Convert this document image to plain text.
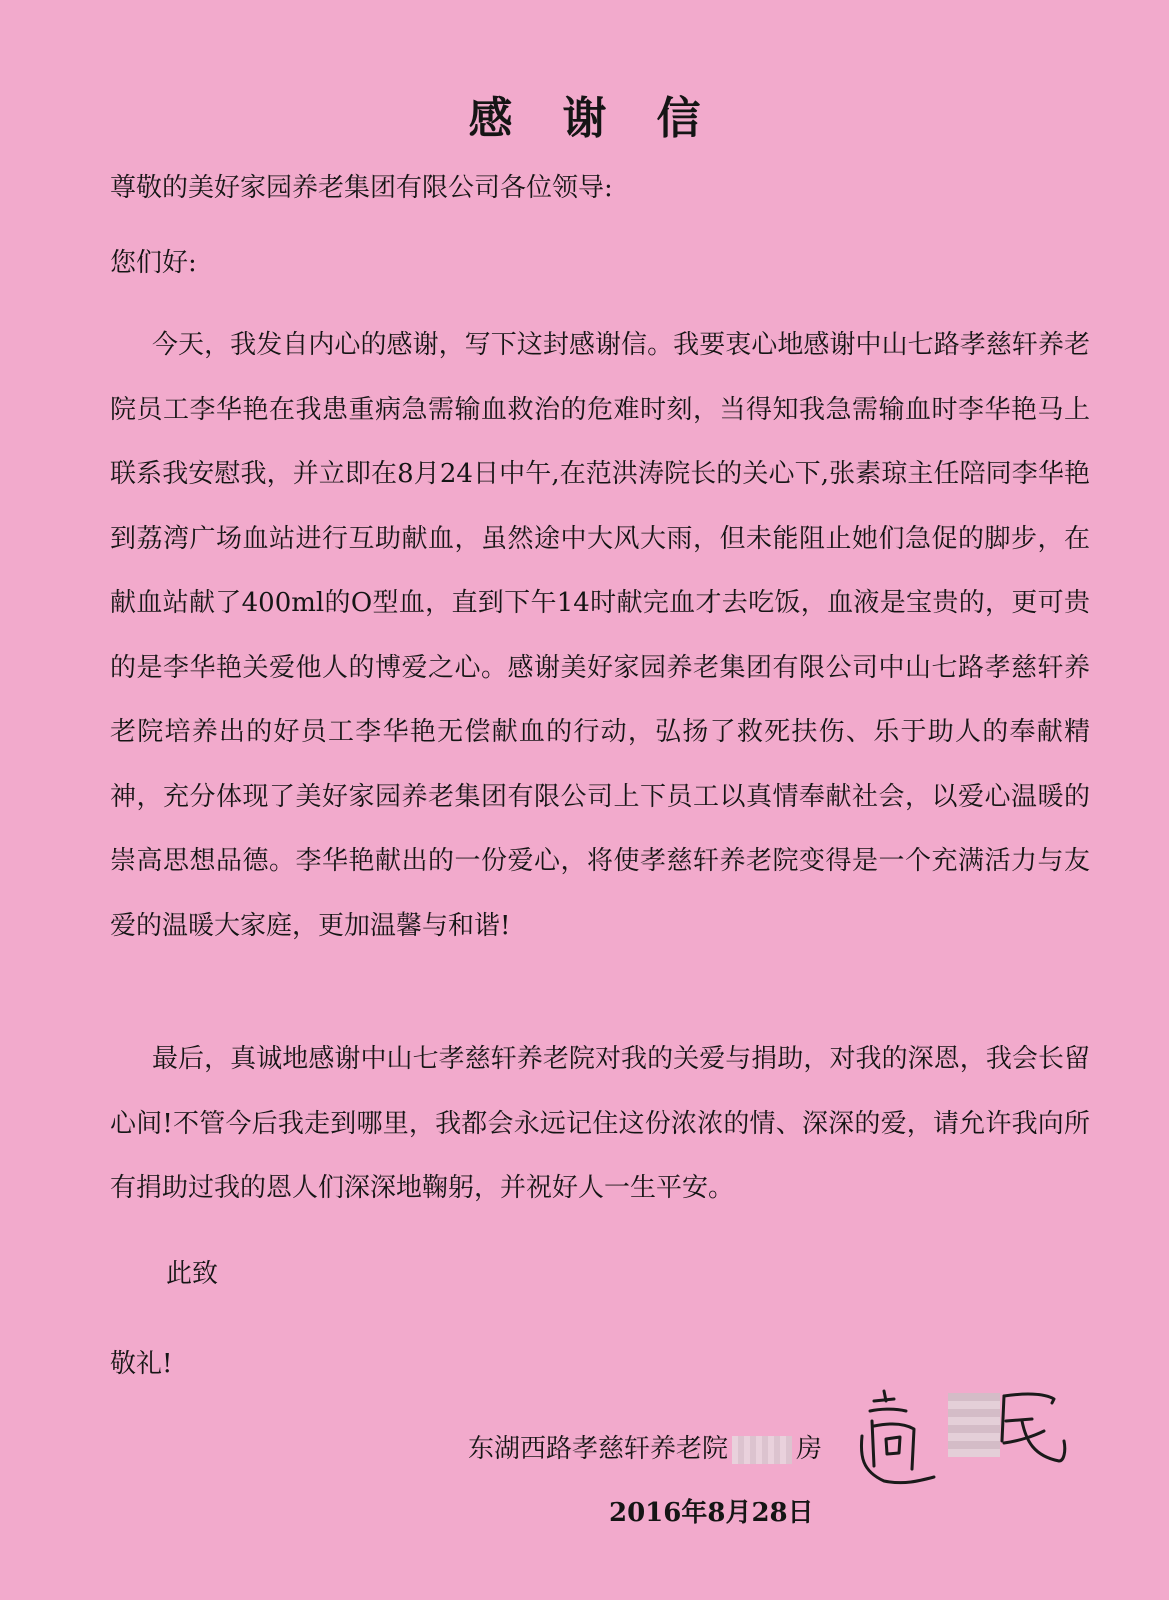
感谢信
尊敬的美好家园养老集团有限公司各位领导:
您们好:
今天，我发自内心的感谢，写下这封感谢信。我要衷心地感谢中山七路孝慈轩养老院员工李华艳在我患重病急需输血救治的危难时刻，当得知我急需输血时李华艳马上联系我安慰我，并立即在8月24日中午,在范洪涛院长的关心下,张素琼主任陪同李华艳到荔湾广场血站进行互助献血，虽然途中大风大雨，但未能阻止她们急促的脚步，在献血站献了400ml的O型血，直到下午14时献完血才去吃饭，血液是宝贵的，更可贵的是李华艳关爱他人的博爱之心。感谢美好家园养老集团有限公司中山七路孝慈轩养老院培养出的好员工李华艳无偿献血的行动，弘扬了救死扶伤、乐于助人的奉献精神，充分体现了美好家园养老集团有限公司上下员工以真情奉献社会，以爱心温暖的崇高思想品德。李华艳献出的一份爱心，将使孝慈轩养老院变得是一个充满活力与友爱的温暖大家庭，更加温馨与和谐!
最后，真诚地感谢中山七孝慈轩养老院对我的关爱与捐助，对我的深恩，我会长留心间!不管今后我走到哪里，我都会永远记住这份浓浓的情、深深的爱，请允许我向所有捐助过我的恩人们深深地鞠躬，并祝好人一生平安。
此致
敬礼!
东湖西路孝慈轩养老院	房
2016年8月28日
